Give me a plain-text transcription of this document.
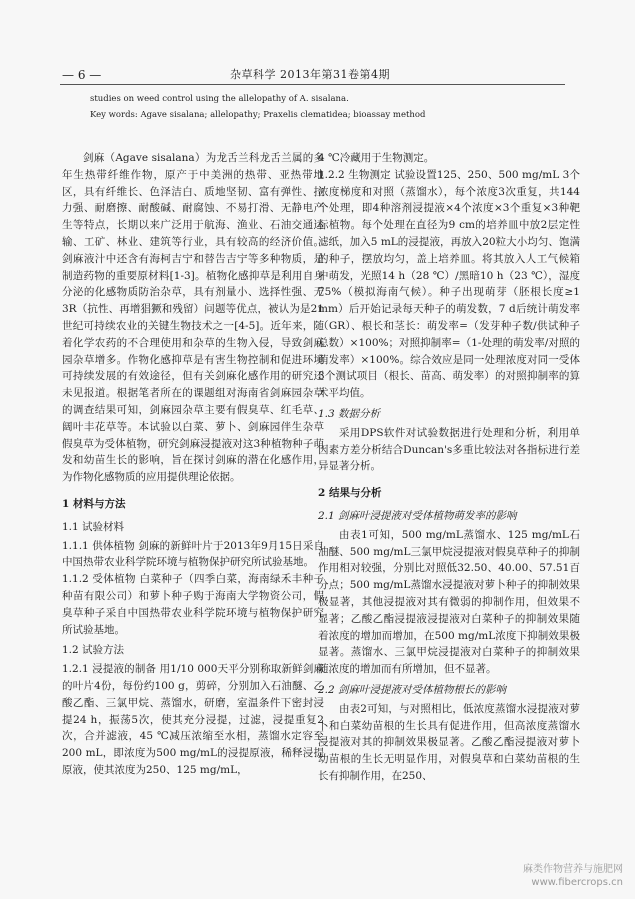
— 6 —	杂草科学 2013年第31卷第4期
studies on weed control using the allelopathy of A. sisalana.
Key words: Agave sisalana; allelopathy; Praxelis clematidea; bioassay method

剑麻（Agave sisalana）为龙舌兰科龙舌兰属的多年生热带纤维作物，原产于中美洲的热带、亚热带地区，具有纤维长、色泽洁白、质地坚韧、富有弹性、拉力强、耐磨擦、耐酸碱、耐腐蚀、不易打滑、无静电产生等特点，长期以来广泛用于航海、渔业、石油交通运输、工矿、林业、建筑等行业，具有较高的经济价值。剑麻液汁中还含有海柯吉宁和替告吉宁等多种物质，是制造药物的重要原材料[1-3]。植物化感抑草是利用自身分泌的化感物质防治杂草，具有剂量小、选择性强、无3R（抗性、再增猖獗和残留）问题等优点，被认为是21世纪可持续农业的关键生物技术之一[4-5]。近年来，随着化学农药的不合理使用和杂草的生物入侵，导致剑麻园杂草增多。作物化感抑草是有害生物控制和促进环境可持续发展的有效途径，但有关剑麻化感作用的研究还未见报道。根据笔者所在的课题组对海南省剑麻园杂草的调查结果可知，剑麻园杂草主要有假臭草、红毛草、阔叶丰花草等。本试验以白菜、萝卜、剑麻园伴生杂草假臭草为受体植物，研究剑麻浸提液对这3种植物种子萌发和幼苗生长的影响，旨在探讨剑麻的潜在化感作用，为作物化感物质的应用提供理论依据。

1 材料与方法
1.1 试验材料

1.1.1 供体植物 剑麻的新鲜叶片于2013年9月15日采自中国热带农业科学院环境与植物保护研究所试验基地。

1.1.2 受体植物 白菜种子（四季白菜，海南绿禾丰种子种苗有限公司）和萝卜种子购于海南大学物资公司，假臭草种子采自中国热带农业科学院环境与植物保护研究所试验基地。

1.2 试验方法

1.2.1 浸提液的制备 用1/10 000天平分别称取新鲜剑麻的叶片4份，每份约100 g，剪碎，分别加入石油醚、乙酸乙酯、三氯甲烷、蒸馏水，研磨，室温条件下密封浸提24 h，振荡5次，使其充分浸提，过滤，浸提重复2次，合并滤液，45 ℃减压浓缩至水相，蒸馏水定容至200 mL，即浓度为500 mg/mL的浸提原液，稀释浸提原液，使其浓度为250、125 mg/mL，

4 ℃冷藏用于生物测定。

1.2.2 生物测定 试验设置125、250、500 mg/mL 3个浓度梯度和对照（蒸馏水），每个浓度3次重复，共144个处理，即4种溶剂浸提液×4个浓度×3个重复×3种靶标植物。每个处理在直径为9 cm的培养皿中放2层定性滤纸，加入5 mL的浸提液，再放入20粒大小均匀、饱满的种子，摆放均匀，盖上培养皿。将其放入人工气候箱中萌发，光照14 h（28 ℃）/黑暗10 h（23 ℃），湿度75%（模拟海南气候）。种子出现萌芽（胚根长度≥1 mm）后开始记录每天种子的萌发数，7 d后统计萌发率（GR）、根长和茎长：萌发率=（发芽种子数/供试种子总数）×100%；对照抑制率=（1-处理的萌发率/对照的萌发率）×100%。综合效应是同一处理浓度对同一受体3个测试项目（根长、苗高、萌发率）的对照抑制率的算术平均值。

1.3 数据分析

采用DPS软件对试验数据进行处理和分析，利用单因素方差分析结合Duncan's多重比较法对各指标进行差异显著分析。

2 结果与分析
2.1 剑麻叶浸提液对受体植物萌发率的影响

由表1可知，500 mg/mL蒸馏水、125 mg/mL石油醚、500 mg/mL三氯甲烷浸提液对假臭草种子的抑制作用相对较强，分别比对照低32.50、40.00、57.51百分点；500 mg/mL蒸馏水浸提液对萝卜种子的抑制效果极显著，其他浸提液对其有微弱的抑制作用，但效果不显著；乙酸乙酯浸提液浸提液对白菜种子的抑制效果随着浓度的增加而增加，在500 mg/mL浓度下抑制效果极显著。蒸馏水、三氯甲烷浸提液对白菜种子的抑制效果随浓度的增加而有所增加，但不显著。

2.2 剑麻叶浸提液对受体植物根长的影响

由表2可知，与对照相比，低浓度蒸馏水浸提液对萝卜和白菜幼苗根的生长具有促进作用，但高浓度蒸馏水浸提液对其的抑制效果极显著。乙酸乙酯浸提液对萝卜幼苗根的生长无明显作用，对假臭草和白菜幼苗根的生长有抑制作用，在250、

麻类作物营养与施肥网
www.fibercrops.cn
